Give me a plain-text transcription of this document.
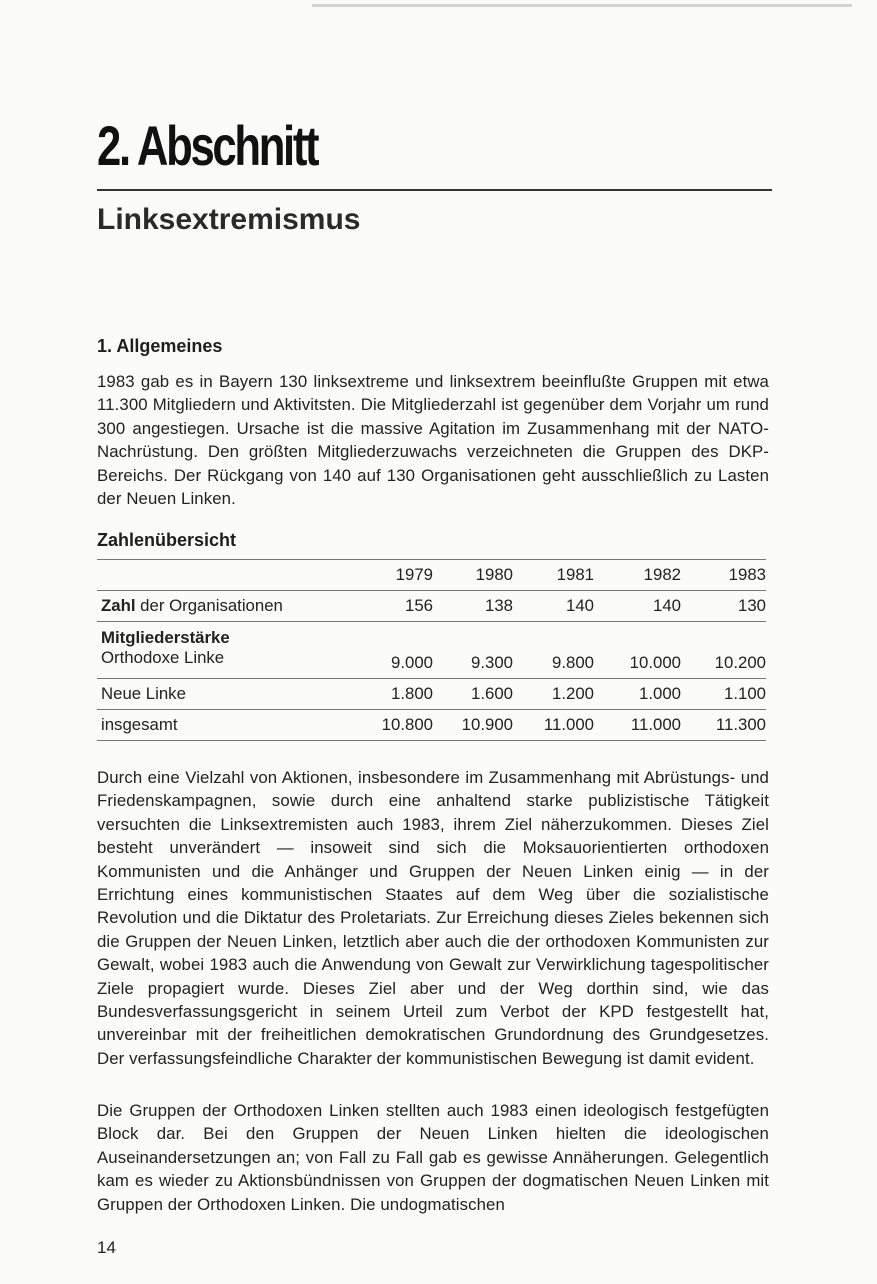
2. Abschnitt
Linksextremismus
1. Allgemeines

1983 gab es in Bayern 130 linksextreme und linksextrem beeinflußte Gruppen mit etwa 11.300 Mitgliedern und Aktivitsten. Die Mitgliederzahl ist gegenüber dem Vorjahr um rund 300 angestiegen. Ursache ist die massive Agitation im Zusammenhang mit der NATO-Nachrüstung. Den größten Mitgliederzuwachs verzeichneten die Gruppen des DKP-Bereichs. Der Rückgang von 140 auf 130 Organisationen geht ausschließlich zu Lasten der Neuen Linken.

Zahlenübersicht
	1979	1980	1981	1982	1983
Zahl der Organisationen	156	138	140	140	130
Mitgliederstärke					
Orthodoxe Linke	9.000	9.300	9.800	10.000	10.200
Neue Linke	1.800	1.600	1.200	1.000	1.100
insgesamt	10.800	10.900	11.000	11.000	11.300

Durch eine Vielzahl von Aktionen, insbesondere im Zusammenhang mit Abrüstungs- und Friedenskampagnen, sowie durch eine anhaltend starke publizistische Tätigkeit versuchten die Linksextremisten auch 1983, ihrem Ziel näherzukommen. Dieses Ziel besteht unverändert — insoweit sind sich die Moksauorientierten orthodoxen Kommunisten und die Anhänger und Gruppen der Neuen Linken einig — in der Errichtung eines kommunistischen Staates auf dem Weg über die sozialistische Revolution und die Diktatur des Proletariats. Zur Erreichung dieses Zieles bekennen sich die Gruppen der Neuen Linken, letztlich aber auch die der orthodoxen Kommunisten zur Gewalt, wobei 1983 auch die Anwendung von Gewalt zur Verwirklichung tagespolitischer Ziele propagiert wurde. Dieses Ziel aber und der Weg dorthin sind, wie das Bundesverfassungsgericht in seinem Urteil zum Verbot der KPD festgestellt hat, unvereinbar mit der freiheitlichen demokratischen Grundordnung des Grundgesetzes. Der verfassungsfeindliche Charakter der kommunistischen Bewegung ist damit evident.

Die Gruppen der Orthodoxen Linken stellten auch 1983 einen ideologisch festgefügten Block dar. Bei den Gruppen der Neuen Linken hielten die ideologischen Auseinandersetzungen an; von Fall zu Fall gab es gewisse Annäherungen. Gelegentlich kam es wieder zu Aktionsbündnissen von Gruppen der dogmatischen Neuen Linken mit Gruppen der Orthodoxen Linken. Die undogmatischen

14
